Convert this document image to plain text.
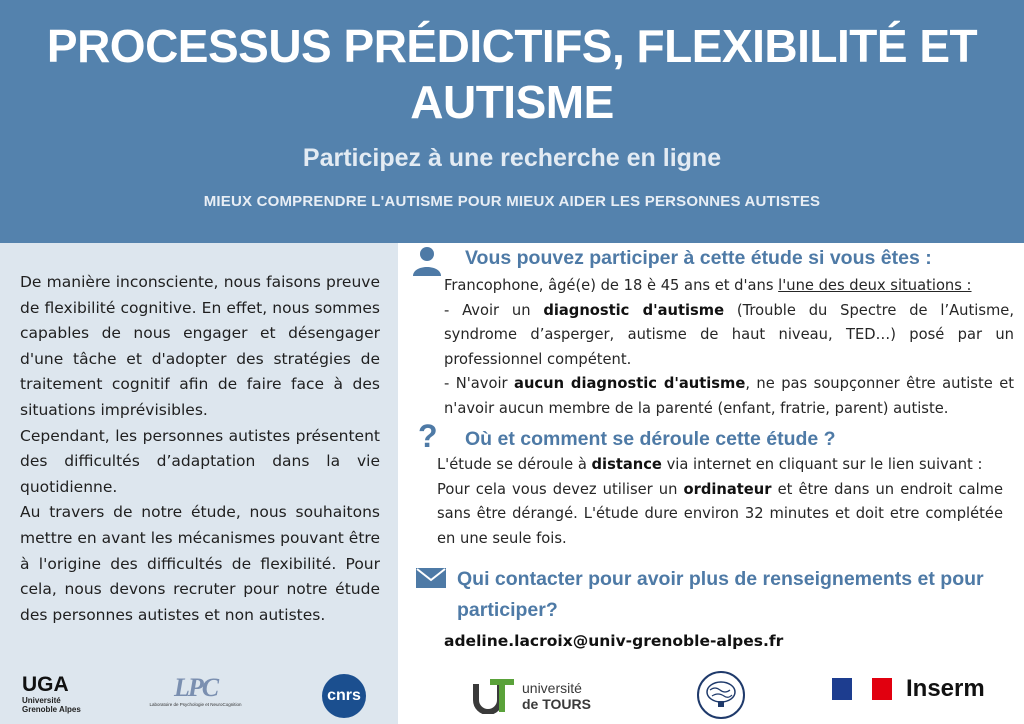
PROCESSUS PRÉDICTIFS, FLEXIBILITÉ ET
AUTISME
Participez à une recherche en ligne
MIEUX COMPRENDRE L'AUTISME POUR MIEUX AIDER LES PERSONNES AUTISTES

De manière inconsciente, nous faisons preuve de flexibilité cognitive. En effet, nous sommes capables de nous engager et désengager d'une tâche et d'adopter des stratégies de traitement cognitif afin de faire face à des situations imprévisibles.

Cependant, les personnes autistes présentent des difficultés d’adaptation dans la vie quotidienne.

Au travers de notre étude, nous souhaitons mettre en avant les mécanismes pouvant être à l'origine des difficultés de flexibilité. Pour cela, nous devons recruter pour notre étude des personnes autistes et non autistes.

Vous pouvez participer à cette étude si vous êtes :

Francophone, âgé(e) de 18 è 45 ans et d'ans l'une des deux situations :

- Avoir un diagnostic d'autisme (Trouble du Spectre de l’Autisme, syndrome d’asperger, autisme de haut niveau, TED…) posé par un professionnel compétent.

- N'avoir aucun diagnostic d'autisme, ne pas soupçonner être autiste et n'avoir aucun membre de la parenté (enfant, fratrie, parent) autiste.

? Où et comment se déroule cette étude ?

L'étude se déroule à distance via internet en cliquant sur le lien suivant :

Pour cela vous devez utiliser un ordinateur et être dans un endroit calme sans être dérangé. L'étude dure environ 32 minutes et doit etre complétée en une seule fois.

Qui contacter pour avoir plus de renseignements et pour
participer?
adeline.lacroix@univ-grenoble-alpes.fr
UGA
Université
Grenoble Alpes
LPC
Laboratoire de Psychologie et NeuroCognition
cnrs	université
de TOURS
Inserm
